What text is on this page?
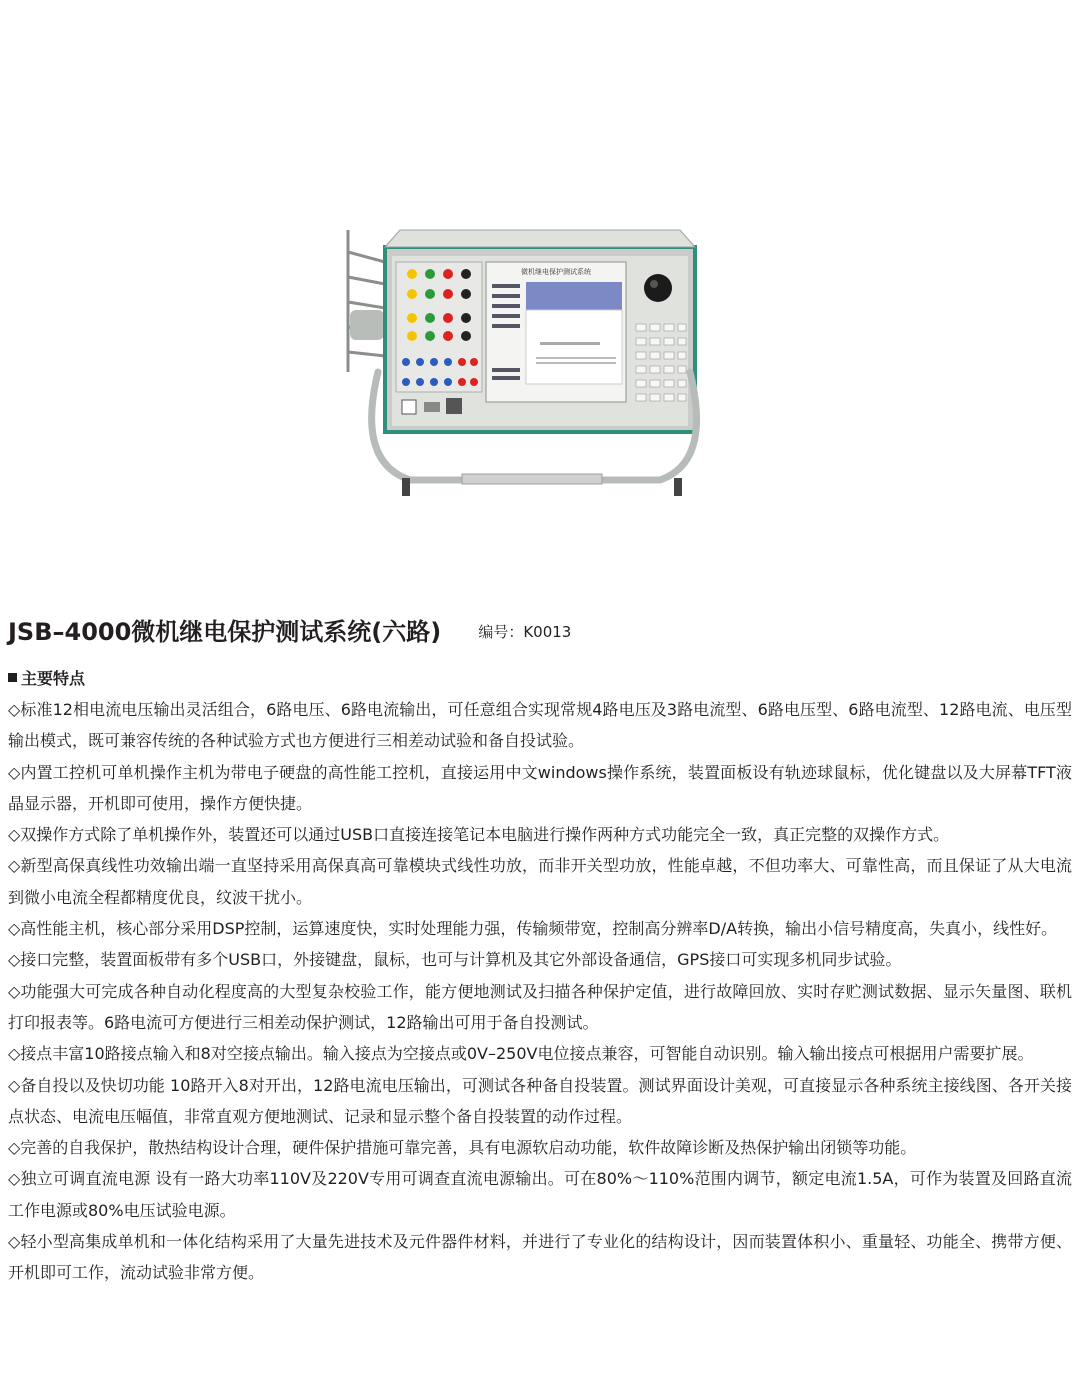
微机继电保护测试系统
JSB–4000微机继电保护测试系统(六路) 编号：K0013
主要特点
◇标准12相电流电压输出灵活组合，6路电压、6路电流输出，可任意组合实现常规4路电压及3路电流型、6路电压型、6路电流型、12路电流、电压型输出模式，既可兼容传统的各种试验方式也方便进行三相差动试验和备自投试验。
◇内置工控机可单机操作主机为带电子硬盘的高性能工控机，直接运用中文windows操作系统，装置面板设有轨迹球鼠标，优化键盘以及大屏幕TFT液晶显示器，开机即可使用，操作方便快捷。
◇双操作方式除了单机操作外，装置还可以通过USB口直接连接笔记本电脑进行操作两种方式功能完全一致，真正完整的双操作方式。
◇新型高保真线性功效输出端一直坚持采用高保真高可靠模块式线性功放，而非开关型功放，性能卓越，不但功率大、可靠性高，而且保证了从大电流到微小电流全程都精度优良，纹波干扰小。
◇高性能主机，核心部分采用DSP控制，运算速度快，实时处理能力强，传输频带宽，控制高分辨率D/A转换，输出小信号精度高，失真小，线性好。
◇接口完整，装置面板带有多个USB口，外接键盘，鼠标，也可与计算机及其它外部设备通信，GPS接口可实现多机同步试验。
◇功能强大可完成各种自动化程度高的大型复杂校验工作，能方便地测试及扫描各种保护定值，进行故障回放、实时存贮测试数据、显示矢量图、联机打印报表等。6路电流可方便进行三相差动保护测试，12路输出可用于备自投测试。
◇接点丰富10路接点输入和8对空接点输出。输入接点为空接点或0V–250V电位接点兼容，可智能自动识别。输入输出接点可根据用户需要扩展。
◇备自投以及快切功能 10路开入8对开出，12路电流电压输出，可测试各种备自投装置。测试界面设计美观，可直接显示各种系统主接线图、各开关接点状态、电流电压幅值，非常直观方便地测试、记录和显示整个备自投装置的动作过程。
◇完善的自我保护，散热结构设计合理，硬件保护措施可靠完善，具有电源软启动功能，软件故障诊断及热保护输出闭锁等功能。
◇独立可调直流电源 设有一路大功率110V及220V专用可调查直流电源输出。可在80%～110%范围内调节，额定电流1.5A，可作为装置及回路直流工作电源或80%电压试验电源。
◇轻小型高集成单机和一体化结构采用了大量先进技术及元件器件材料，并进行了专业化的结构设计，因而装置体积小、重量轻、功能全、携带方便、开机即可工作，流动试验非常方便。
